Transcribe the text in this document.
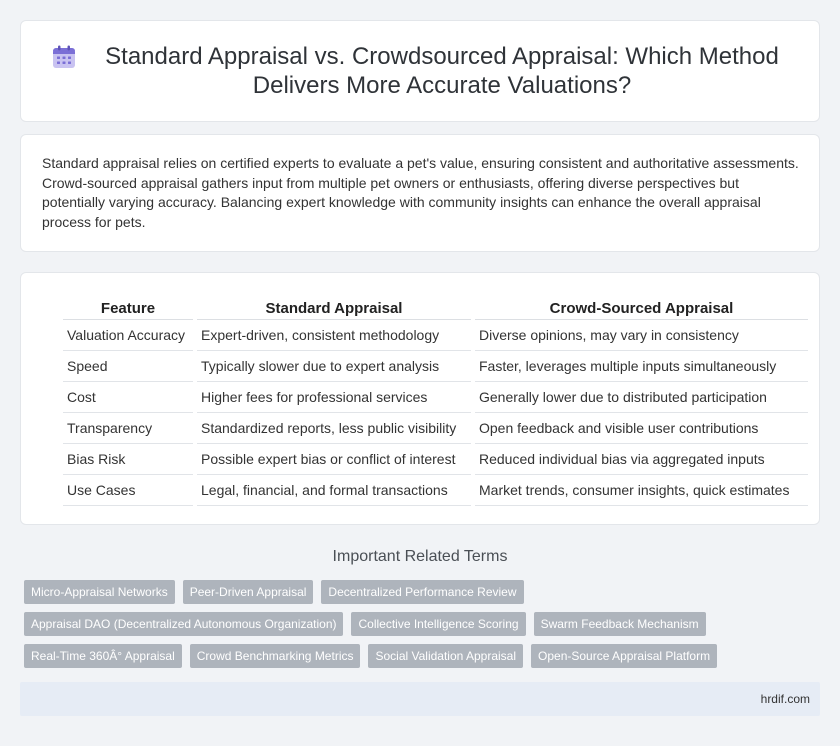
Standard Appraisal vs. Crowdsourced Appraisal: Which Method Delivers More Accurate Valuations?

Standard appraisal relies on certified experts to evaluate a pet's value, ensuring consistent and authoritative assessments. Crowd-sourced appraisal gathers input from multiple pet owners or enthusiasts, offering diverse perspectives but potentially varying accuracy. Balancing expert knowledge with community insights can enhance the overall appraisal process for pets.

Feature	Standard Appraisal	Crowd-Sourced Appraisal
Valuation Accuracy	Expert-driven, consistent methodology	Diverse opinions, may vary in consistency
Speed	Typically slower due to expert analysis	Faster, leverages multiple inputs simultaneously
Cost	Higher fees for professional services	Generally lower due to distributed participation
Transparency	Standardized reports, less public visibility	Open feedback and visible user contributions
Bias Risk	Possible expert bias or conflict of interest	Reduced individual bias via aggregated inputs
Use Cases	Legal, financial, and formal transactions	Market trends, consumer insights, quick estimates
Important Related Terms
Micro-Appraisal Networks	Peer-Driven Appraisal	Decentralized Performance Review
Appraisal DAO (Decentralized Autonomous Organization)	Collective Intelligence Scoring	Swarm Feedback Mechanism
Real-Time 360Â° Appraisal	Crowd Benchmarking Metrics	Social Validation Appraisal	Open-Source Appraisal Platform
hrdif.com
